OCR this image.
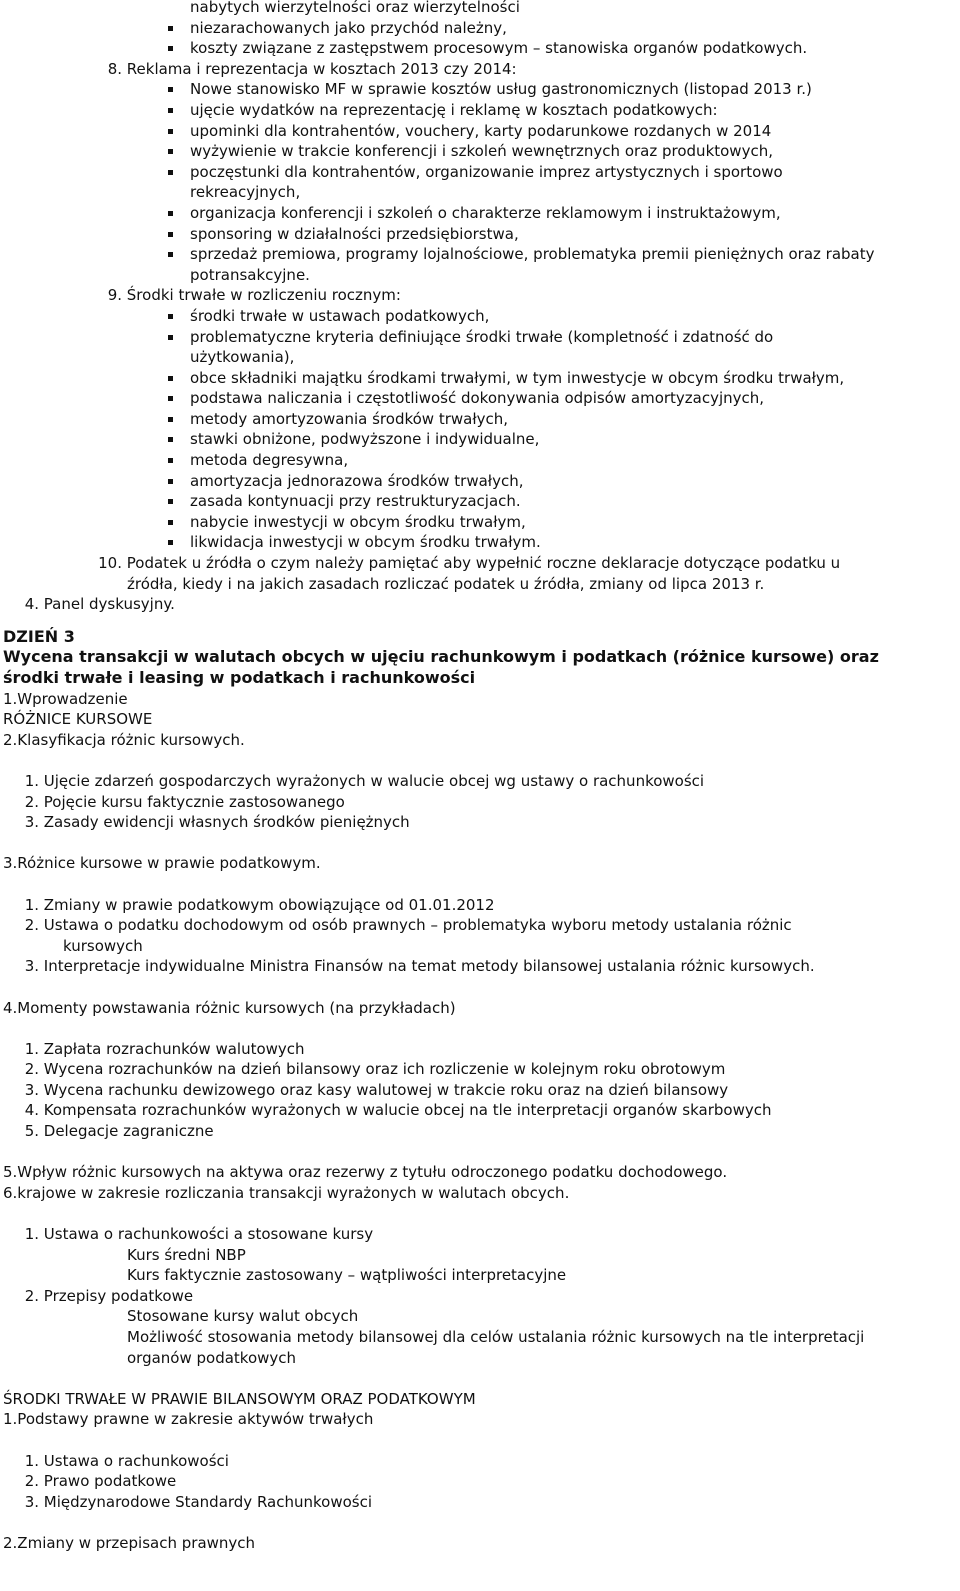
nabytych wierzytelności oraz wierzytelności
niezarachowanych jako przychód należny,
koszty związane z zastępstwem procesowym – stanowiska organów podatkowych.
8. Reklama i reprezentacja w kosztach 2013 czy 2014:
Nowe stanowisko MF w sprawie kosztów usług gastronomicznych (listopad 2013 r.)
ujęcie wydatków na reprezentację i reklamę w kosztach podatkowych:
upominki dla kontrahentów, vouchery, karty podarunkowe rozdanych w 2014
wyżywienie w trakcie konferencji i szkoleń wewnętrznych oraz produktowych,
poczęstunki dla kontrahentów, organizowanie imprez artystycznych i sportowo
rekreacyjnych,
organizacja konferencji i szkoleń o charakterze reklamowym i instruktażowym,
sponsoring w działalności przedsiębiorstwa,
sprzedaż premiowa, programy lojalnościowe, problematyka premii pieniężnych oraz rabaty
potransakcyjne.
9. Środki trwałe w rozliczeniu rocznym:
środki trwałe w ustawach podatkowych,
problematyczne kryteria definiujące środki trwałe (kompletność i zdatność do
użytkowania),
obce składniki majątku środkami trwałymi, w tym inwestycje w obcym środku trwałym,
podstawa naliczania i częstotliwość dokonywania odpisów amortyzacyjnych,
metody amortyzowania środków trwałych,
stawki obniżone, podwyższone i indywidualne,
metoda degresywna,
amortyzacja jednorazowa środków trwałych,
zasada kontynuacji przy restrukturyzacjach.
nabycie inwestycji w obcym środku trwałym,
likwidacja inwestycji w obcym środku trwałym.
10. Podatek u źródła o czym należy pamiętać aby wypełnić roczne deklaracje dotyczące podatku u
źródła, kiedy i na jakich zasadach rozliczać podatek u źródła, zmiany od lipca 2013 r.
4. Panel dyskusyjny.
DZIEŃ 3
Wycena transakcji w walutach obcych w ujęciu rachunkowym i podatkach (różnice kursowe) oraz
środki trwałe i leasing w podatkach i rachunkowości
1.Wprowadzenie
RÓŻNICE KURSOWE
2.Klasyfikacja różnic kursowych.
1. Ujęcie zdarzeń gospodarczych wyrażonych w walucie obcej wg ustawy o rachunkowości
2. Pojęcie kursu faktycznie zastosowanego
3. Zasady ewidencji własnych środków pieniężnych
3.Różnice kursowe w prawie podatkowym.
1. Zmiany w prawie podatkowym obowiązujące od 01.01.2012
2. Ustawa o podatku dochodowym od osób prawnych – problematyka wyboru metody ustalania różnic
kursowych
3. Interpretacje indywidualne Ministra Finansów na temat metody bilansowej ustalania różnic kursowych.
4.Momenty powstawania różnic kursowych (na przykładach)
1. Zapłata rozrachunków walutowych
2. Wycena rozrachunków na dzień bilansowy oraz ich rozliczenie w kolejnym roku obrotowym
3. Wycena rachunku dewizowego oraz kasy walutowej w trakcie roku oraz na dzień bilansowy
4. Kompensata rozrachunków wyrażonych w walucie obcej na tle interpretacji organów skarbowych
5. Delegacje zagraniczne
5.Wpływ różnic kursowych na aktywa oraz rezerwy z tytułu odroczonego podatku dochodowego.
6.krajowe w zakresie rozliczania transakcji wyrażonych w walutach obcych.
1. Ustawa o rachunkowości a stosowane kursy
Kurs średni NBP
Kurs faktycznie zastosowany – wątpliwości interpretacyjne
2. Przepisy podatkowe
Stosowane kursy walut obcych
Możliwość stosowania metody bilansowej dla celów ustalania różnic kursowych na tle interpretacji
organów podatkowych
ŚRODKI TRWAŁE W PRAWIE BILANSOWYM ORAZ PODATKOWYM
1.Podstawy prawne w zakresie aktywów trwałych
1. Ustawa o rachunkowości
2. Prawo podatkowe
3. Międzynarodowe Standardy Rachunkowości
2.Zmiany w przepisach prawnych
